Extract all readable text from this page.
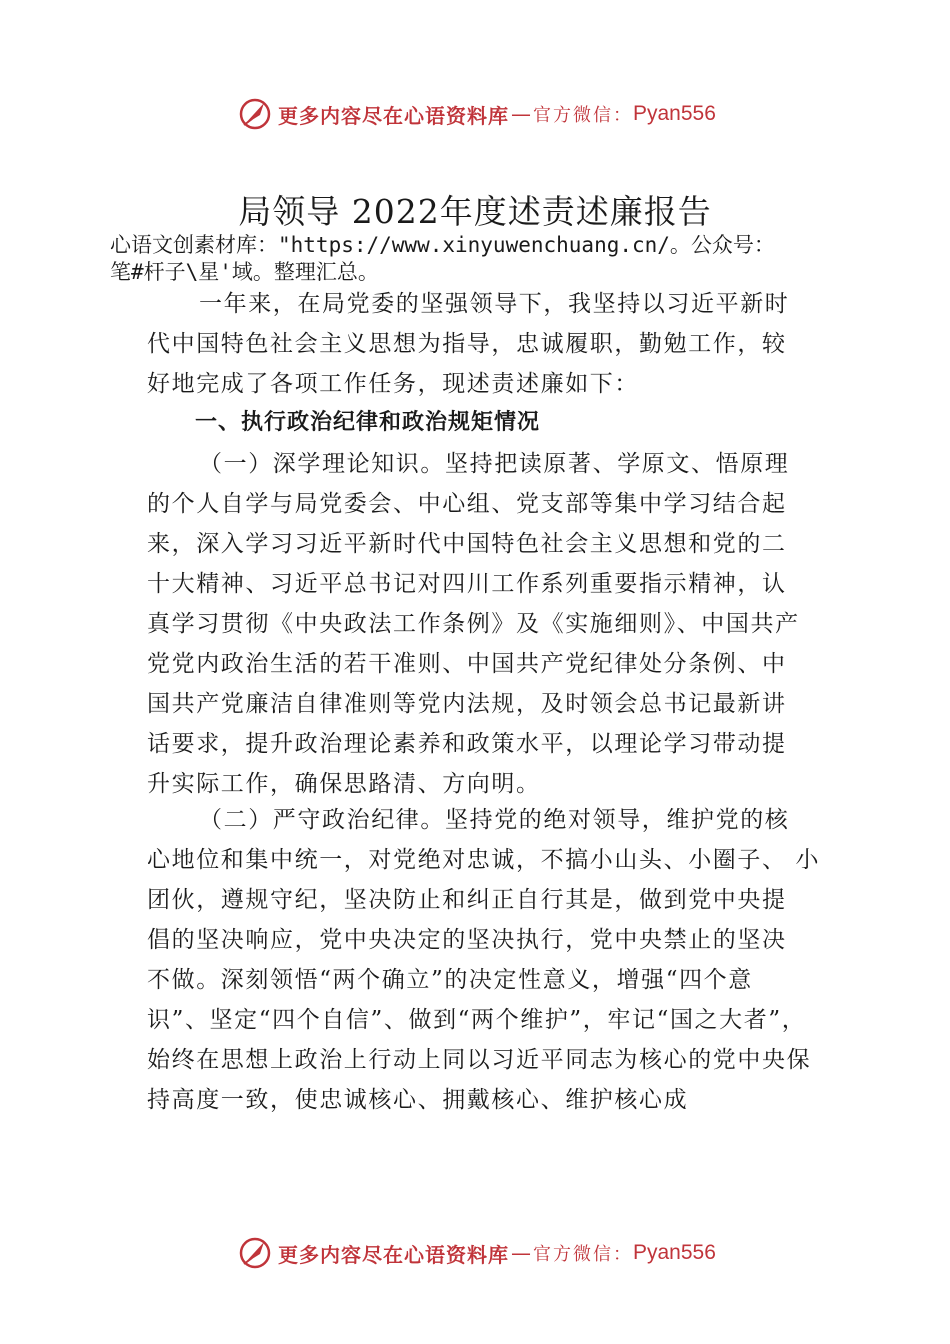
更多内容尽在心语资料库 — 官方微信： Pyan556
局领导 2022年度述责述廉报告
心语文创素材库："https://www.xinyuwenchuang.cn/。公众号：
笔#杆子\星'域。整理汇总。
一年来，在局党委的坚强领导下，我坚持以习近平新时
代中国特色社会主义思想为指导，忠诚履职，勤勉工作，较
好地完成了各项工作任务，现述责述廉如下：
一、执行政治纪律和政治规矩情况
（一）深学理论知识。坚持把读原著、学原文、悟原理
的个人自学与局党委会、中心组、党支部等集中学习结合起
来，深入学习习近平新时代中国特色社会主义思想和党的二
十大精神、习近平总书记对四川工作系列重要指示精神，认
真学习贯彻《中央政法工作条例》及《实施细则》、中国共产
党党内政治生活的若干准则、中国共产党纪律处分条例、中
国共产党廉洁自律准则等党内法规，及时领会总书记最新讲
话要求，提升政治理论素养和政策水平，以理论学习带动提
升实际工作，确保思路清、方向明。
（二）严守政治纪律。坚持党的绝对领导，维护党的核
心地位和集中统一，对党绝对忠诚，不搞小山头、小圈子、 小
团伙，遵规守纪，坚决防止和纠正自行其是，做到党中央提
倡的坚决响应，党中央决定的坚决执行，党中央禁止的坚决
不做。深刻领悟“两个确立”的决定性意义，增强“四个意
识”、坚定“四个自信”、做到“两个维护”，牢记“国之大者”，
始终在思想上政治上行动上同以习近平同志为核心的党中央保
持高度一致，使忠诚核心、拥戴核心、维护核心成
更多内容尽在心语资料库 — 官方微信： Pyan556
